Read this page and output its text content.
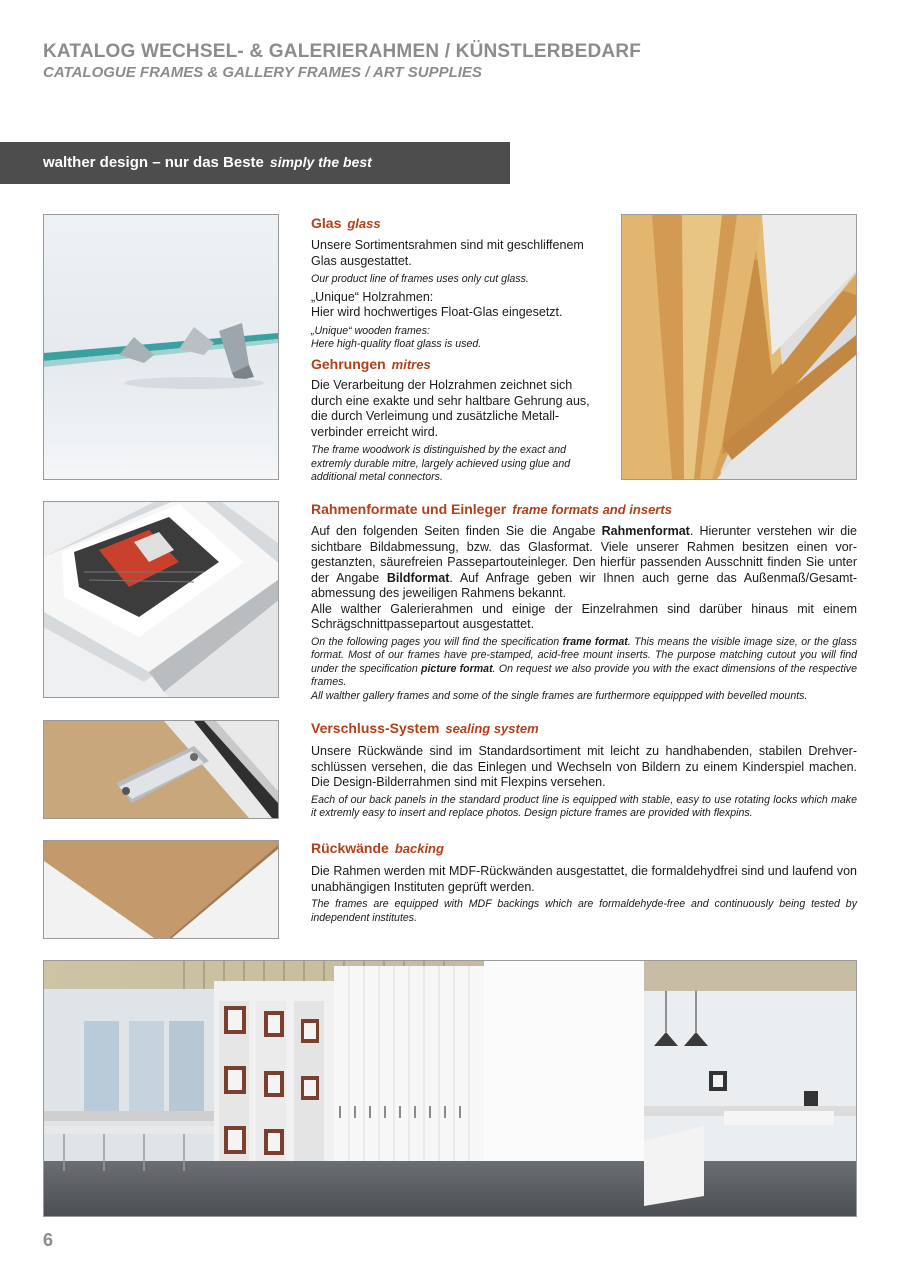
KATALOG WECHSEL- & GALERIERAHMEN / KÜNSTLERBEDARF
CATALOGUE FRAMES & GALLERY FRAMES / ART SUPPLIES
walther design – nur das Beste simply the best
Glas glass

Unsere Sortimentsrahmen sind mit geschliffenem Glas ausgestattet.

Our product line of frames uses only cut glass.

„Unique“ Holzrahmen:
Hier wird hochwertiges Float-Glas eingesetzt.

„Unique“ wooden frames:
Here high-quality float glass is used.

Gehrungen mitres

Die Verarbeitung der Holzrahmen zeichnet sich durch eine exakte und sehr haltbare Gehrung aus, die durch Verleimung und zusätzliche Metall-verbinder erreicht wird.

The frame woodwork is distinguished by the exact and extremly durable mitre, largely achieved using glue and additional metal connectors.

Rahmenformate und Einleger frame formats and inserts

Auf den folgenden Seiten finden Sie die Angabe Rahmenformat. Hierunter verstehen wir die sichtbare Bildabmessung, bzw. das Glasformat. Viele unserer Rahmen besitzen einen vor-gestanzten, säurefreien Passepartouteinleger. Den hierfür passenden Ausschnitt finden Sie unter der Angabe Bildformat. Auf Anfrage geben wir Ihnen auch gerne das Außenmaß/Gesamt-abmessung des jeweiligen Rahmens bekannt.

Alle walther Galerierahmen und einige der Einzelrahmen sind darüber hinaus mit einem Schrägschnittpassepartout ausgestattet.

On the following pages you will find the specification frame format. This means the visible image size, or the glass format. Most of our frames have pre-stamped, acid-free mount inserts. The purpose matching cutout you will find under the specification picture format. On request we also provide you with the exact dimensions of the respective frames.

All walther gallery frames and some of the single frames are furthermore equippped with bevelled mounts.

Verschluss-System sealing system

Unsere Rückwände sind im Standardsortiment mit leicht zu handhabenden, stabilen Drehver-schlüssen versehen, die das Einlegen und Wechseln von Bildern zu einem Kinderspiel machen. Die Design-Bilderrahmen sind mit Flexpins versehen.

Each of our back panels in the standard product line is equipped with stable, easy to use rotating locks which make it extremly easy to insert and replace photos. Design picture frames are provided with flexpins.

Rückwände backing

Die Rahmen werden mit MDF-Rückwänden ausgestattet, die formaldehydfrei sind und laufend von unabhängigen Instituten geprüft werden.

The frames are equipped with MDF backings which are formaldehyde-free and continuously being tested by independent institutes.

6
